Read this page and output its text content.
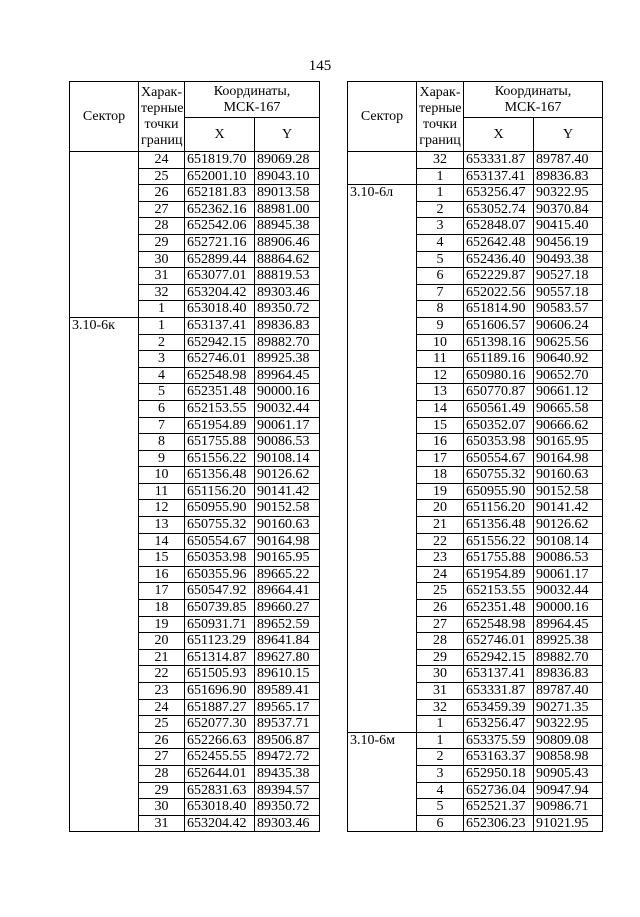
145
Сектор	Харак-терные точки границ	Координаты, МСК-167	
		X	Y
	24	651819.70	89069.28
	25	652001.10	89043.10
	26	652181.83	89013.58
	27	652362.16	88981.00
	28	652542.06	88945.38
	29	652721.16	88906.46
	30	652899.44	88864.62
	31	653077.01	88819.53
	32	653204.42	89303.46
	1	653018.40	89350.72
3.10-6к	1	653137.41	89836.83
	2	652942.15	89882.70
	3	652746.01	89925.38
	4	652548.98	89964.45
	5	652351.48	90000.16
	6	652153.55	90032.44
	7	651954.89	90061.17
	8	651755.88	90086.53
	9	651556.22	90108.14
	10	651356.48	90126.62
	11	651156.20	90141.42
	12	650955.90	90152.58
	13	650755.32	90160.63
	14	650554.67	90164.98
	15	650353.98	90165.95
	16	650355.96	89665.22
	17	650547.92	89664.41
	18	650739.85	89660.27
	19	650931.71	89652.59
	20	651123.29	89641.84
	21	651314.87	89627.80
	22	651505.93	89610.15
	23	651696.90	89589.41
	24	651887.27	89565.17
	25	652077.30	89537.71
	26	652266.63	89506.87
	27	652455.55	89472.72
	28	652644.01	89435.38
	29	652831.63	89394.57
	30	653018.40	89350.72
	31	653204.42	89303.46
Сектор	Харак-терные точки границ	Координаты, МСК-167	
		X	Y
	32	653331.87	89787.40
	1	653137.41	89836.83
3.10-6л	1	653256.47	90322.95
	2	653052.74	90370.84
	3	652848.07	90415.40
	4	652642.48	90456.19
	5	652436.40	90493.38
	6	652229.87	90527.18
	7	652022.56	90557.18
	8	651814.90	90583.57
	9	651606.57	90606.24
	10	651398.16	90625.56
	11	651189.16	90640.92
	12	650980.16	90652.70
	13	650770.87	90661.12
	14	650561.49	90665.58
	15	650352.07	90666.62
	16	650353.98	90165.95
	17	650554.67	90164.98
	18	650755.32	90160.63
	19	650955.90	90152.58
	20	651156.20	90141.42
	21	651356.48	90126.62
	22	651556.22	90108.14
	23	651755.88	90086.53
	24	651954.89	90061.17
	25	652153.55	90032.44
	26	652351.48	90000.16
	27	652548.98	89964.45
	28	652746.01	89925.38
	29	652942.15	89882.70
	30	653137.41	89836.83
	31	653331.87	89787.40
	32	653459.39	90271.35
	1	653256.47	90322.95
3.10-6м	1	653375.59	90809.08
	2	653163.37	90858.98
	3	652950.18	90905.43
	4	652736.04	90947.94
	5	652521.37	90986.71
	6	652306.23	91021.95
